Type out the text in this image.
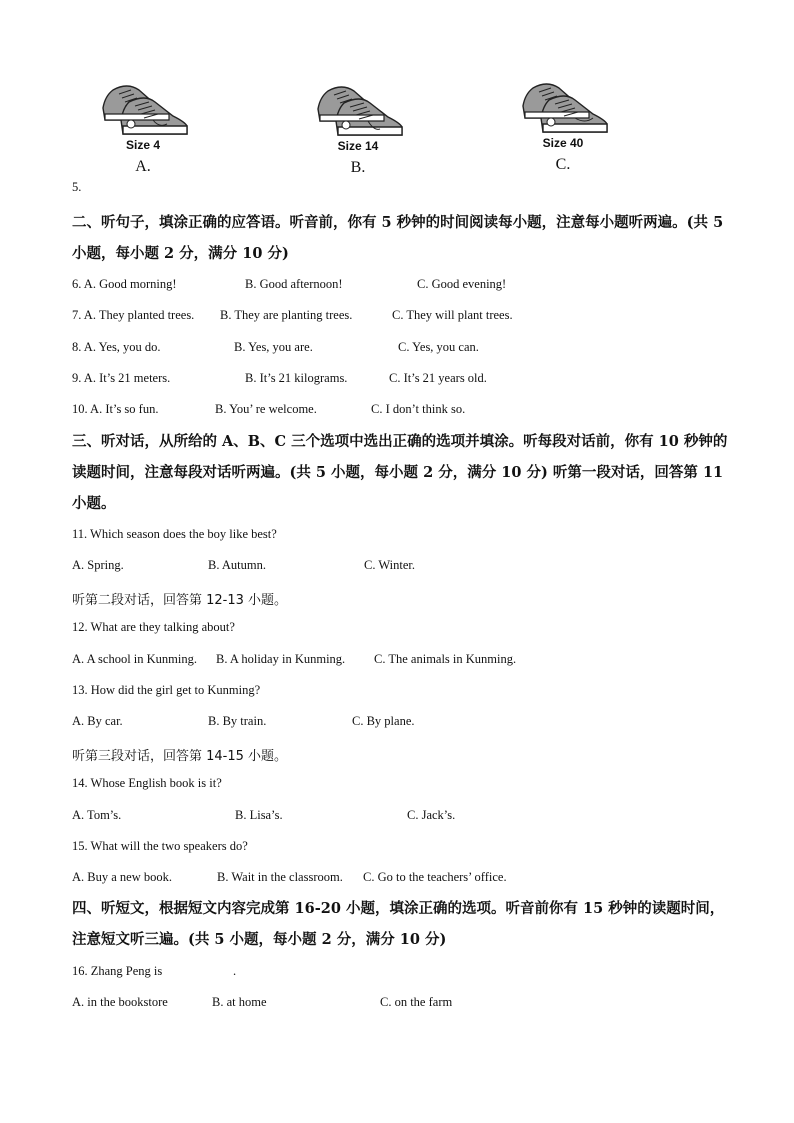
Size 4
A.
Size 14
B.
Size 40
C.
5.
二、听句子，填涂正确的应答语。听音前，你有 5 秒钟的时间阅读每小题，注意每小题听两遍。(共 5 小题，每小题 2 分，满分 10 分)
6. A. Good morning!	B. Good afternoon!	C. Good evening!
7. A. They planted trees. B. They are planting trees.	C. They will plant trees.
8. A. Yes, you do.	B. Yes, you are.	C. Yes, you can.
9. A. It’s 21 meters.	B. It’s 21 kilograms.	C. It’s 21 years old.
10. A. It’s so fun.	B. You’ re welcome.	C. I don’t think so.
三、听对话，从所给的 A、B、C 三个选项中选出正确的选项并填涂。听每段对话前，你有 10 秒钟的读题时间，注意每段对话听两遍。(共 5 小题，每小题 2 分，满分 10 分) 听第一段对话，回答第 11 小题。
11. Which season does the boy like best?
A. Spring.	B. Autumn.	C. Winter.
听第二段对话，回答第 12-13 小题。
12. What are they talking about?
A. A school in Kunming. B. A holiday in Kunming. C. The animals in Kunming.
13. How did the girl get to Kunming?
A. By car.	B. By train.	C. By plane.
听第三段对话，回答第 14-15 小题。
14. Whose English book is it?
A. Tom’s.	B. Lisa’s.	C. Jack’s.
15. What will the two speakers do?
A. Buy a new book.	B. Wait in the classroom. C. Go to the teachers’ office.
四、听短文，根据短文内容完成第 16-20 小题，填涂正确的选项。听音前你有 15 秒钟的读题时间，注意短文听三遍。(共 5 小题，每小题 2 分，满分 10 分)
16. Zhang Peng is	.
A. in the bookstore	B. at home	C. on the farm
